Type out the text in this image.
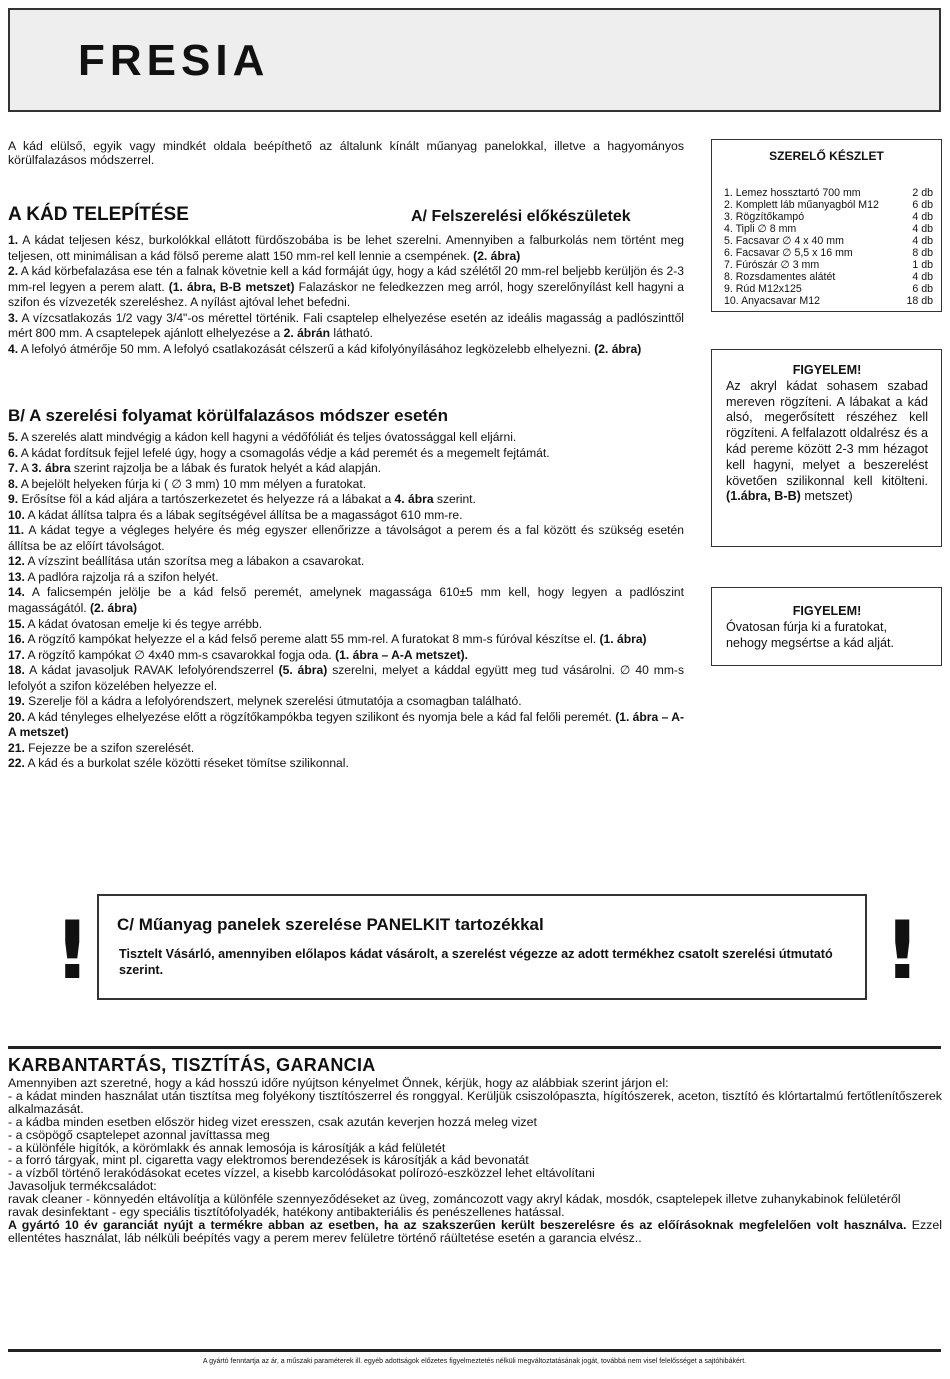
FRESIA
A kád elülső, egyik vagy mindkét oldala beépíthető az általunk kínált műanyag panelokkal, illetve a hagyományos körülfalazásos módszerrel.
A KÁD TELEPÍTÉSE	A/ Felszerelési előkészületek

1. A kádat teljesen kész, burkolókkal ellátott fürdőszobába is be lehet szerelni. Amennyiben a falburkolás nem történt meg teljesen, ott minimálisan a kád fölső pereme alatt 150 mm-rel kell lennie a csempének. (2. ábra)

2. A kád körbefalazása ese tén a falnak követnie kell a kád formáját úgy, hogy a kád szélétől 20 mm-rel beljebb kerüljön és 2-3 mm-rel legyen a perem alatt. (1. ábra, B-B metszet) Falazáskor ne feledkezzen meg arról, hogy szerelőnyílást kell hagyni a szifon és vízvezeték szereléshez. A nyílást ajtóval lehet befedni.

3. A vízcsatlakozás 1/2 vagy 3/4"-os mérettel történik. Fali csaptelep elhelyezése esetén az ideális magasság a padlószinttől mért 800 mm. A csaptelepek ajánlott elhelyezése a 2. ábrán látható.

4. A lefolyó átmérője 50 mm. A lefolyó csatlakozását célszerű a kád kifolyónyílásához legközelebb elhelyezni. (2. ábra)

B/ A szerelési folyamat körülfalazásos módszer esetén

5. A szerelés alatt mindvégig a kádon kell hagyni a védőfóliát és teljes óvatossággal kell eljárni.

6. A kádat fordítsuk fejjel lefelé úgy, hogy a csomagolás védje a kád peremét és a megemelt fejtámát.

7. A 3. ábra szerint rajzolja be a lábak és furatok helyét a kád alapján.

8. A bejelölt helyeken fúrja ki ( ∅ 3 mm) 10 mm mélyen a furatokat.

9. Erősítse föl a kád aljára a tartószerkezetet és helyezze rá a lábakat a 4. ábra szerint.

10. A kádat állítsa talpra és a lábak segítségével állítsa be a magasságot 610 mm-re.

11. A kádat tegye a végleges helyére és még egyszer ellenőrizze a távolságot a perem és a fal között és szükség esetén állítsa be az előírt távolságot.

12. A vízszint beállítása után szorítsa meg a lábakon a csavarokat.

13. A padlóra rajzolja rá a szifon helyét.

14. A falicsempén jelölje be a kád felső peremét, amelynek magassága 610±5 mm kell, hogy legyen a padlószint magasságától. (2. ábra)

15. A kádat óvatosan emelje ki és tegye arrébb.

16. A rögzítő kampókat helyezze el a kád felső pereme alatt 55 mm-rel. A furatokat 8 mm-s fúróval készítse el. (1. ábra)

17. A rögzítő kampókat ∅ 4x40 mm-s csavarokkal fogja oda. (1. ábra – A-A metszet).

18. A kádat javasoljuk RAVAK lefolyórendszerrel (5. ábra) szerelni, melyet a káddal együtt meg tud vásárolni. ∅ 40 mm-s lefolyót a szifon közelében helyezze el.

19. Szerelje föl a kádra a lefolyórendszert, melynek szerelési útmutatója a csomagban található.

20. A kád tényleges elhelyezése előtt a rögzítőkampókba tegyen szilikont és nyomja bele a kád fal felőli peremét. (1. ábra – A-A metszet)

21. Fejezze be a szifon szerelését.

22. A kád és a burkolat széle közötti réseket tömítse szilikonnal.

SZERELŐ KÉSZLET
1. Lemez hossztartó 700 mm	2 db
2. Komplett láb műanyagból M12	6 db
3. Rögzítőkampó	4 db
4. Tipli ∅ 8 mm	4 db
5. Facsavar ∅ 4 x 40 mm	4 db
6. Facsavar ∅ 5,5 x 16 mm	8 db
7. Fúrószár ∅ 3 mm	1 db
8. Rozsdamentes alátét	4 db
9. Rúd M12x125	6 db
10. Anyacsavar M12	18 db
FIGYELEM!
Az akryl kádat sohasem szabad mereven rögzíteni. A lábakat a kád alsó, megerősített részéhez kell rögzíteni. A felfalazott oldalrész és a kád pereme között 2-3 mm hézagot kell hagyni, melyet a beszerelést követően szilikonnal kell kitölteni.(1.ábra, B-B) metszet)
FIGYELEM!
Óvatosan fúrja ki a furatokat, nehogy megsértse a kád alját.
! C/ Műanyag panelek szerelése PANELKIT tartozékkal
Tisztelt Vásárló, amennyiben előlapos kádat vásárolt, a szerelést végezze az adott termékhez csatolt szerelési útmutató szerint.	!
KARBANTARTÁS, TISZTÍTÁS, GARANCIA

Amennyiben azt szeretné, hogy a kád hosszú időre nyújtson kényelmet Önnek, kérjük, hogy az alábbiak szerint járjon el:

- a kádat minden használat után tisztítsa meg folyékony tisztítószerrel és ronggyal. Kerüljük csiszolópaszta, hígítószerek, aceton, tisztító és klórtartalmú fertőtlenítőszerek alkalmazását.

- a kádba minden esetben először hideg vizet eresszen, csak azután keverjen hozzá meleg vizet

- a csöpögő csaptelepet azonnal javíttassa meg

- a különféle higítók, a körömlakk és annak lemosója is károsítják a kád felületét

- a forró tárgyak, mint pl. cigaretta vagy elektromos berendezések is károsítják a kád bevonatát

- a vízből történő lerakódásokat ecetes vízzel, a kisebb karcolódásokat polírozó-eszközzel lehet eltávolítani

Javasoljuk termékcsaládot:

ravak cleaner - könnyedén eltávolítja a különféle szennyeződéseket az üveg, zománcozott vagy akryl kádak, mosdók, csaptelepek illetve zuhanykabinok felületéről

ravak desinfektant - egy speciális tisztítófolyadék, hatékony antibakteriális és penészellenes hatással.

A gyártó 10 év garanciát nyújt a termékre abban az esetben, ha az szakszerűen került beszerelésre és az előírásoknak megfelelően volt használva. Ezzel ellentétes használat, láb nélküli beépítés vagy a perem merev felületre történő ráültetése esetén a garancia elvész..

A gyártó fenntartja az ár, a műszaki paraméterek ill. egyéb adottságok előzetes figyelmeztetés nélküli megváltoztatásának jogát, továbbá nem visel felelősséget a sajtóhibákért.
